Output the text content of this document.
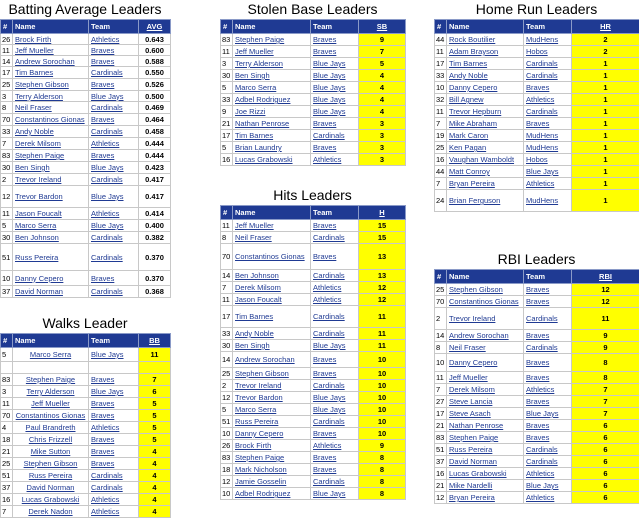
Batting Average Leaders
#	Name	Team	AVG
26	Brock Firth	Athletics	0.643
11	Jeff Mueller	Braves	0.600
14	Andrew Sorochan	Braves	0.588
17	Tim Barnes	Cardinals	0.550
25	Stephen Gibson	Braves	0.526
3	Terry Alderson	Blue Jays	0.500
8	Neil Fraser	Cardinals	0.469
70	Constantinos Gionas	Braves	0.464
33	Andy Noble	Cardinals	0.458
7	Derek Milsom	Athletics	0.444
83	Stephen Paige	Braves	0.444
30	Ben Singh	Blue Jays	0.423
2	Trevor Ireland	Cardinals	0.417
12	Trevor Bardon	Blue Jays	0.417
11	Jason Foucalt	Athletics	0.414
5	Marco Serra	Blue Jays	0.400
30	Ben Johnson	Cardinals	0.382
51	Russ Pereira	Cardinals	0.370
10	Danny Cepero	Braves	0.370
37	David Norman	Cardinals	0.368
Walks Leader
#	Name	Team	BB
5	Marco Serra	Blue Jays	11

83	Stephen Paige	Braves	7
3	Terry Alderson	Blue Jays	6
11	Jeff Mueller	Braves	5
70	Constantinos Gionas	Braves	5
4	Paul Brandreth	Athletics	5
18	Chris Frizzell	Braves	5
21	Mike Sutton	Braves	4
25	Stephen Gibson	Braves	4
51	Russ Pereira	Cardinals	4
37	David Norman	Cardinals	4
16	Lucas Grabowski	Athletics	4
7	Derek Nadon	Athletics	4
Stolen Base Leaders
#	Name	Team	SB
83	Stephen Paige	Braves	9
11	Jeff Mueller	Braves	7
3	Terry Alderson	Blue Jays	5
30	Ben Singh	Blue Jays	4
5	Marco Serra	Blue Jays	4
33	Adbel Rodriguez	Blue Jays	4
9	Joe Rizzi	Blue Jays	4
21	Nathan Penrose	Braves	3
17	Tim Barnes	Cardinals	3
5	Brian Laundry	Braves	3
16	Lucas Grabowski	Athletics	3
Hits Leaders
#	Name	Team	H
11	Jeff Mueller	Braves	15
8	Neil Fraser	Cardinals	15
70	Constantinos Gionas	Braves	13
14	Ben Johnson	Cardinals	13
7	Derek Milsom	Athletics	12
11	Jason Foucalt	Athletics	12
17	Tim Barnes	Cardinals	11
33	Andy Noble	Cardinals	11
30	Ben Singh	Blue Jays	11
14	Andrew Sorochan	Braves	10
25	Stephen Gibson	Braves	10
2	Trevor Ireland	Cardinals	10
12	Trevor Bardon	Blue Jays	10
5	Marco Serra	Blue Jays	10
51	Russ Pereira	Cardinals	10
10	Danny Cepero	Braves	10
26	Brock Firth	Athletics	9
83	Stephen Paige	Braves	8
18	Mark Nicholson	Braves	8
12	Jamie Gosselin	Cardinals	8
10	Adbel Rodriguez	Blue Jays	8
Home Run Leaders
#	Name	Team	HR
44	Rock Boutilier	MudHens	2
11	Adam Brayson	Hobos	2
17	Tim Barnes	Cardinals	1
33	Andy Noble	Cardinals	1
10	Danny Cepero	Braves	1
32	Bill Agnew	Athletics	1
11	Trevor Hepburn	Cardinals	1
7	Mike Abraham	Braves	1
19	Mark Caron	MudHens	1
25	Ken Pagan	MudHens	1
16	Vaughan Wamboldt	Hobos	1
44	Matt Conroy	Blue Jays	1
7	Bryan Pereira	Athletics	1
24	Brian Ferguson	MudHens	1
RBI Leaders
#	Name	Team	RBI
25	Stephen Gibson	Braves	12
70	Constantinos Gionas	Braves	12
2	Trevor Ireland	Cardinals	11
14	Andrew Sorochan	Braves	9
8	Neil Fraser	Cardinals	9
10	Danny Cepero	Braves	8
11	Jeff Mueller	Braves	8
7	Derek Milsom	Athletics	7
27	Steve Lancia	Braves	7
17	Steve Asach	Blue Jays	7
21	Nathan Penrose	Braves	6
83	Stephen Paige	Braves	6
51	Russ Pereira	Cardinals	6
37	David Norman	Cardinals	6
16	Lucas Grabowski	Athletics	6
21	Mike Nardelli	Blue Jays	6
12	Bryan Pereira	Athletics	6
